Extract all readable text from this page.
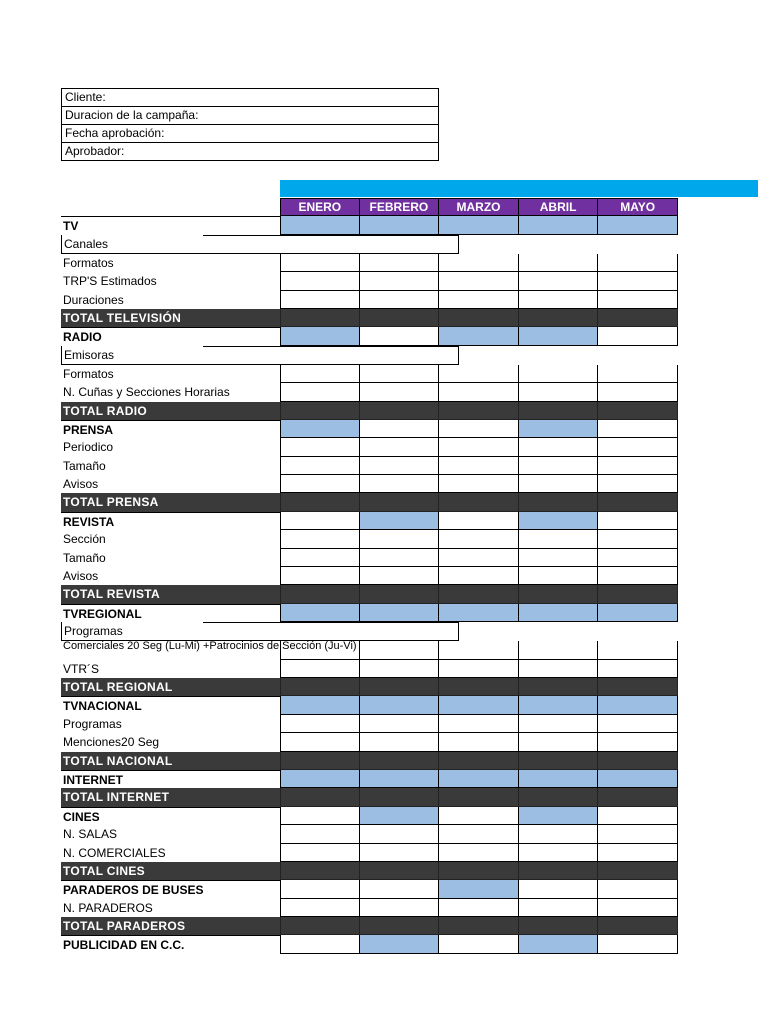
Cliente:
Duracion de la campaña:
Fecha aprobación:
Aprobador:
ENERO	FEBRERO	MARZO	ABRIL	MAYO
TV
Canales
Formatos
TRP'S Estimados
Duraciones
TOTAL TELEVISIÓN
RADIO
Emisoras
Formatos
N. Cuñas y Secciones Horarias
TOTAL RADIO
PRENSA
Periodico
Tamaño
Avisos
TOTAL PRENSA
REVISTA
Sección
Tamaño
Avisos
TOTAL REVISTA
TVREGIONAL
Programas
Comerciales 20 Seg (Lu-Mi) +Patrocinios de Sección (Ju-Vi)
VTR´S
TOTAL REGIONAL
TVNACIONAL
Programas
Menciones20 Seg
TOTAL NACIONAL
INTERNET
TOTAL INTERNET
CINES
N. SALAS
N. COMERCIALES
TOTAL CINES
PARADEROS DE BUSES
N. PARADEROS
TOTAL PARADEROS
PUBLICIDAD EN C.C.
